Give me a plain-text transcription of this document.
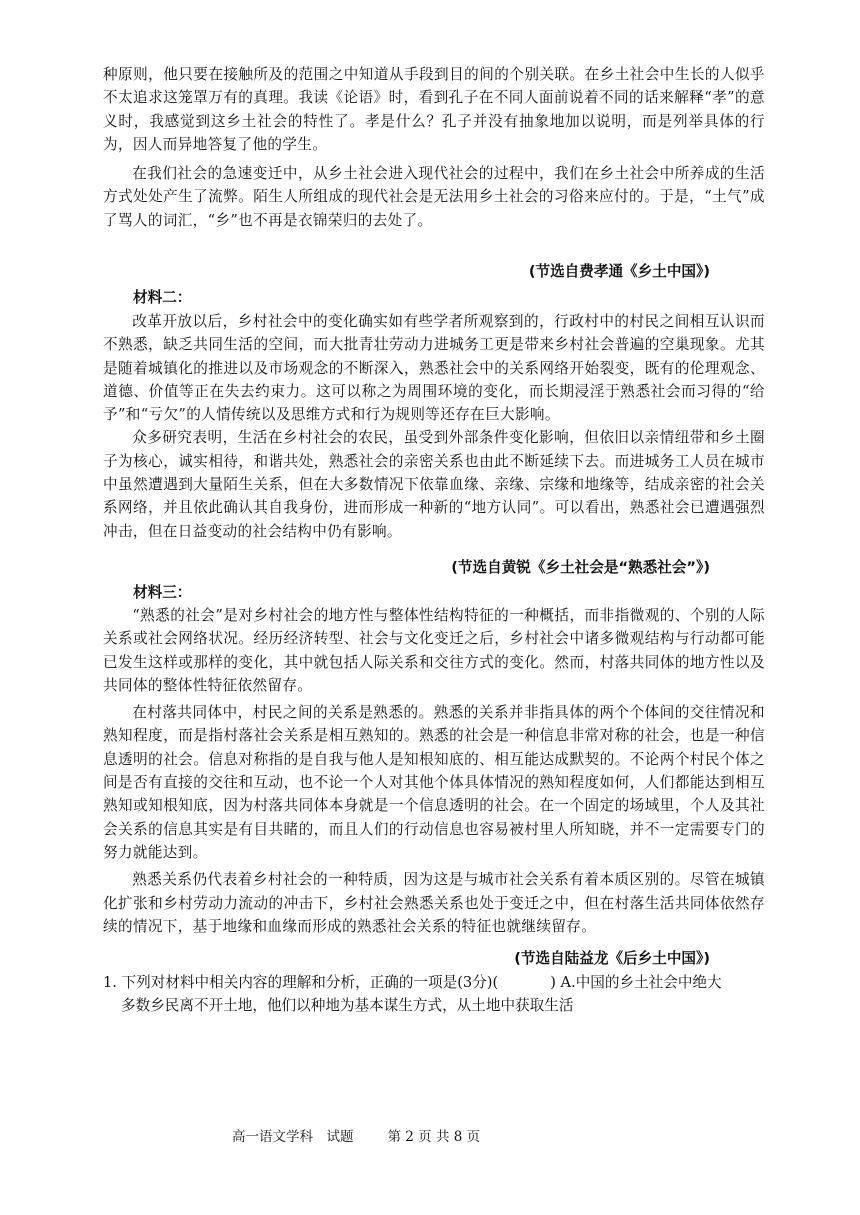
种原则，他只要在接触所及的范围之中知道从手段到目的间的个别关联。在乡土社会中生长的人似乎不太追求这笼罩万有的真理。我读《论语》时，看到孔子在不同人面前说着不同的话来解释“孝”的意义时，我感觉到这乡土社会的特性了。孝是什么？孔子并没有抽象地加以说明，而是列举具体的行为，因人而异地答复了他的学生。

在我们社会的急速变迁中，从乡土社会进入现代社会的过程中，我们在乡土社会中所养成的生活方式处处产生了流弊。陌生人所组成的现代社会是无法用乡土社会的习俗来应付的。于是，“土气”成了骂人的词汇，“乡”也不再是衣锦荣归的去处了。

(节选自费孝通《乡土中国》)
材料二：

改革开放以后，乡村社会中的变化确实如有些学者所观察到的，行政村中的村民之间相互认识而不熟悉，缺乏共同生活的空间，而大批青壮劳动力进城务工更是带来乡村社会普遍的空巢现象。尤其是随着城镇化的推进以及市场观念的不断深入，熟悉社会中的关系网络开始裂变，既有的伦理观念、道德、价值等正在失去约束力。这可以称之为周围环境的变化，而长期浸淫于熟悉社会而习得的“给予”和“亏欠”的人情传统以及思维方式和行为规则等还存在巨大影响。

众多研究表明，生活在乡村社会的农民，虽受到外部条件变化影响，但依旧以亲情纽带和乡土圈子为核心，诚实相待，和谐共处，熟悉社会的亲密关系也由此不断延续下去。而进城务工人员在城市中虽然遭遇到大量陌生关系，但在大多数情况下依靠血缘、亲缘、宗缘和地缘等，结成亲密的社会关系网络，并且依此确认其自我身份，进而形成一种新的“地方认同”。可以看出，熟悉社会已遭遇强烈冲击，但在日益变动的社会结构中仍有影响。

(节选自黄锐《乡土社会是“熟悉社会”》)
材料三：

“熟悉的社会”是对乡村社会的地方性与整体性结构特征的一种概括，而非指微观的、个别的人际关系或社会网络状况。经历经济转型、社会与文化变迁之后，乡村社会中诸多微观结构与行动都可能已发生这样或那样的变化，其中就包括人际关系和交往方式的变化。然而，村落共同体的地方性以及共同体的整体性特征依然留存。

在村落共同体中，村民之间的关系是熟悉的。熟悉的关系并非指具体的两个个体间的交往情况和熟知程度，而是指村落社会关系是相互熟知的。熟悉的社会是一种信息非常对称的社会，也是一种信息透明的社会。信息对称指的是自我与他人是知根知底的、相互能达成默契的。不论两个村民个体之间是否有直接的交往和互动，也不论一个人对其他个体具体情况的熟知程度如何，人们都能达到相互熟知或知根知底，因为村落共同体本身就是一个信息透明的社会。在一个固定的场域里，个人及其社会关系的信息其实是有目共睹的，而且人们的行动信息也容易被村里人所知晓，并不一定需要专门的努力就能达到。

熟悉关系仍代表着乡村社会的一种特质，因为这是与城市社会关系有着本质区别的。尽管在城镇化扩张和乡村劳动力流动的冲击下，乡村社会熟悉关系也处于变迁之中，但在村落生活共同体依然存续的情况下，基于地缘和血缘而形成的熟悉社会关系的特征也就继续留存。

(节选自陆益龙《后乡土中国》)
1. 下列对材料中相关内容的理解和分析，正确的一项是(3分)(	) A.中国的乡土社会中绝大
多数乡民离不开土地，他们以种地为基本谋生方式，从土地中获取生活
高一语文学科　试题	第 2 页 共 8 页
